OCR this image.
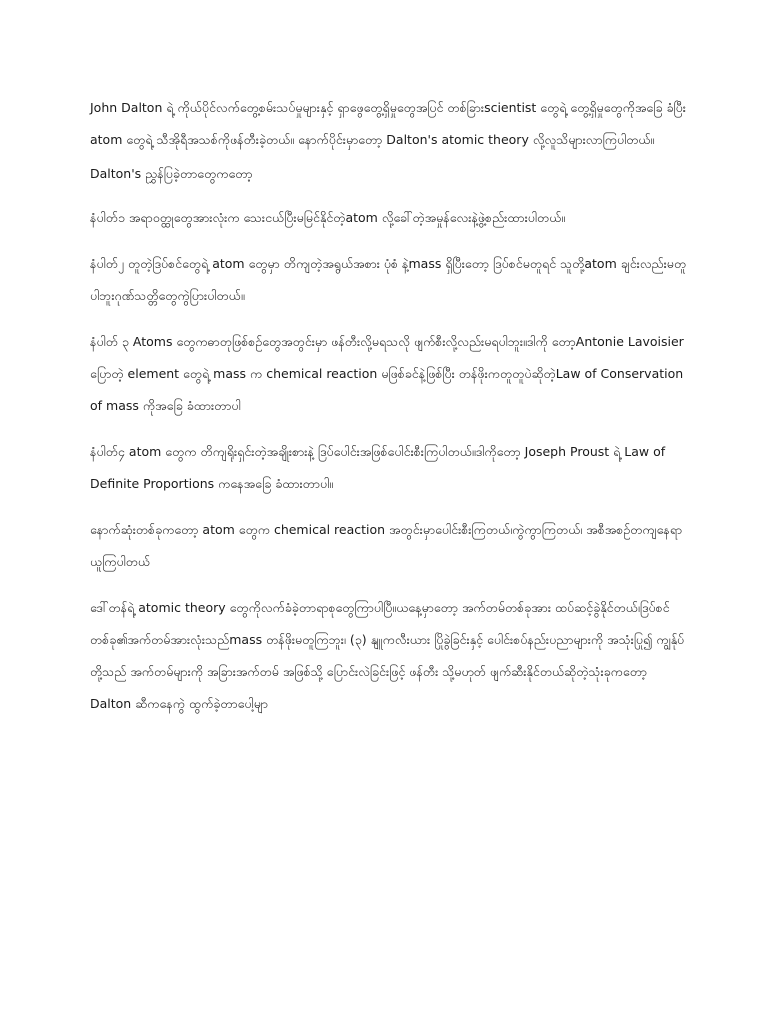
John Dalton ရဲ့ ကိုယ်ပိုင်လက်တွေ့စမ်းသပ်မှုများနှင့် ရှာဖွေတွေ့ရှိမှုတွေအပြင် တစ်ခြားscientist တွေရဲ့ တွေ့ရှိမှုတွေကိုအခြေ ခံပြီး atom တွေရဲ့ သီအိုရီအသစ်ကိုဖန်တီးခဲ့တယ်။ နောက်ပိုင်းမှာတော့ Dalton's atomic theory လို့လူသိများလာကြပါတယ်။

Dalton's ညွှန်ပြခဲ့တာတွေကတော့

နံပါတ်၁ အရာဝတ္ထုတွေအားလုံးက သေးငယ်ပြီးမမြင်နိုင်တဲ့atom လို့ခေါ်တဲ့အမှုန်လေးနဲ့ဖွဲ့စည်းထားပါတယ်။

နံပါတ်၂ တူတဲ့ဒြပ်စင်တွေရဲ့ atom တွေမှာ တိကျတဲ့အရွယ်အစား ပုံစံ နဲ့mass ရှိပြီးတော့ ဒြပ်စင်မတူရင် သူတို့atom ချင်းလည်းမတူပါဘူးဂုဏ်သတ္တိတွေကွဲပြားပါတယ်။

နံပါတ် ၃ Atoms တွေကဓာတုဖြစ်စဉ်တွေအတွင်းမှာ ဖန်တီးလို့မရသလို ဖျက်စီးလို့လည်းမရပါဘူး။ဒါကို တော့Antonie Lavoisier ပြောတဲ့ element တွေရဲ့ mass က chemical reaction မဖြစ်ခင်နဲ့ဖြစ်ပြီး တန်ဖိုးကတူတူပဲဆိုတဲ့Law of Conservation of mass ကိုအခြေ ခံထားတာပါ

နံပါတ်၄ atom တွေက တိကျရိုးရှင်းတဲ့အချိုးစားနဲ့ ဒြပ်ပေါင်းအဖြစ်ပေါင်းစီးကြပါတယ်။ဒါကိုတော့ Joseph Proust ရဲ့ Law of Definite Proportions ကနေအခြေ ခံထားတာပါ။

နောက်ဆုံးတစ်ခုကတော့ atom တွေက chemical reaction အတွင်းမှာပေါင်းစီးကြတယ်၊ကွဲကွာကြတယ်၊ အစီအစဉ်တကျနေရာယူကြပါတယ်

ဒေါ်တန်ရဲ့ atomic theory တွေကိုလက်ခံခဲ့တာရာစုတွေကြာပါပြီ။ယနေ့မှာတော့ အက်တမ်တစ်ခုအား ထပ်ဆင့်ခွဲနိုင်တယ်၊ဒြပ်စင်တစ်ခု၏အက်တမ်အားလုံးသည်mass တန်ဖိုးမတူကြဘူး၊ (၃) နျူကလီးယား ပြိုခွဲခြင်းနှင့် ပေါင်းစပ်နည်းပညာများကို အသုံးပြု၍ ကျွန်ုပ်တို့သည် အက်တမ်များကို အခြားအက်တမ် အဖြစ်သို့ ပြောင်းလဲခြင်းဖြင့် ဖန်တီး သို့မဟုတ် ဖျက်ဆီးနိုင်တယ်ဆိုတဲ့သုံးခုကတော့ Dalton ဆီကနေကွဲ ထွက်ခဲ့တာပေါ့မျာ
